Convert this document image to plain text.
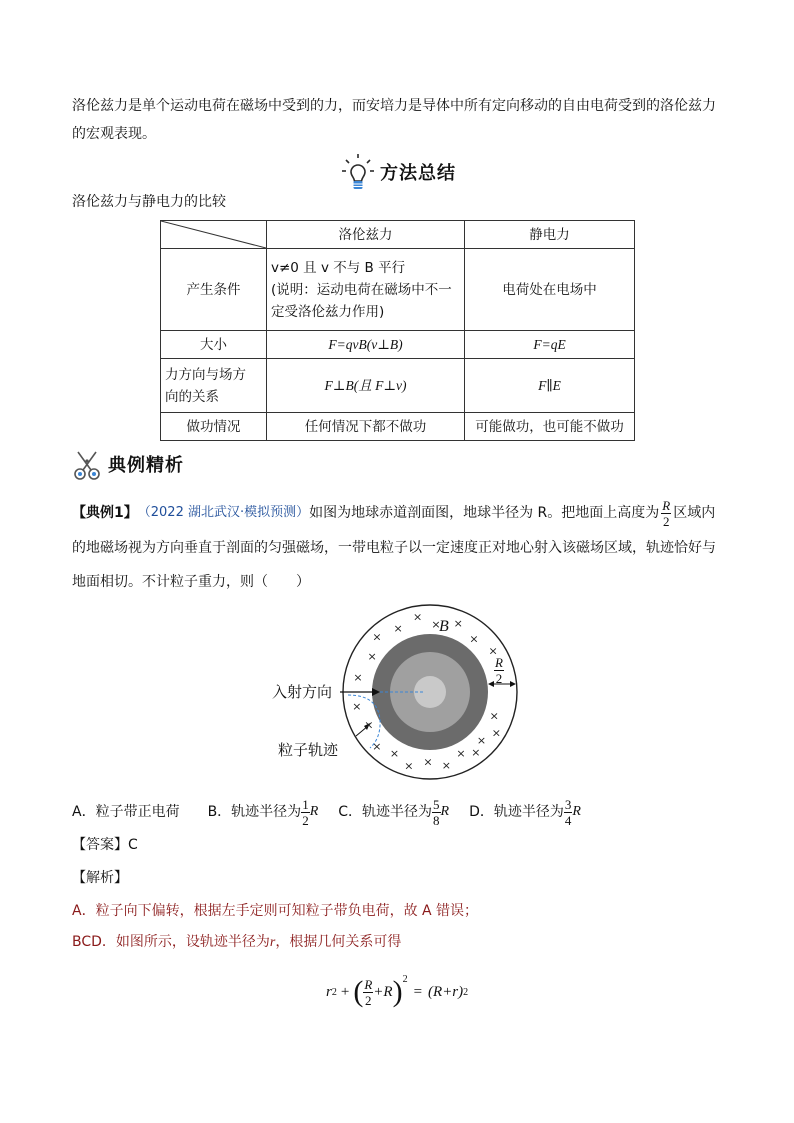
洛伦兹力是单个运动电荷在磁场中受到的力，而安培力是导体中所有定向移动的自由电荷受到的洛伦兹力
的宏观表现。
方法总结
洛伦兹力与静电力的比较
	洛伦兹力	静电力
产生条件	v≠0 且 v 不与 B 平行
(说明：运动电荷在磁场中不一
定受洛伦兹力作用)	电荷处在电场中
大小	F=qvB(v⊥B)	F=qE

力方向与场方
向的关系	F⊥B(且 F⊥v)	F∥E
做功情况	任何情况下都不做功	可能做功，也可能不做功
典例精析
【典例1】 （2022 湖北武汉·模拟预测） 如图为地球赤道剖面图，地球半径为 R。把地面上高度为 $\frac{R}{2}$ 区域内
的地磁场视为方向垂直于剖面的匀强磁场，一带电粒子以一定速度正对地心射入该磁场区域，轨迹恰好与
地面相切。不计粒子重力，则（　　）
×
×
×
×
×
×
×
×
×
×
×
×
×
×
×
×
×
× ×
×
×
入射方向
粒子轨迹
B
$\frac{R}{2}$
A．粒子带正电荷 B．轨迹半径为 $\frac{1}{2}$ R C．轨迹半径为 $\frac{5}{8}$ R D．轨迹半径为 $\frac{3}{4}$ R
【答案】C
【解析】
A．粒子向下偏转，根据左手定则可知粒子带负电荷，故 A 错误；
BCD．如图所示，设轨迹半径为r，根据几何关系可得
r 2 + ( $\frac{R}{2} +R$ )$^2$
= (R+r) 2
